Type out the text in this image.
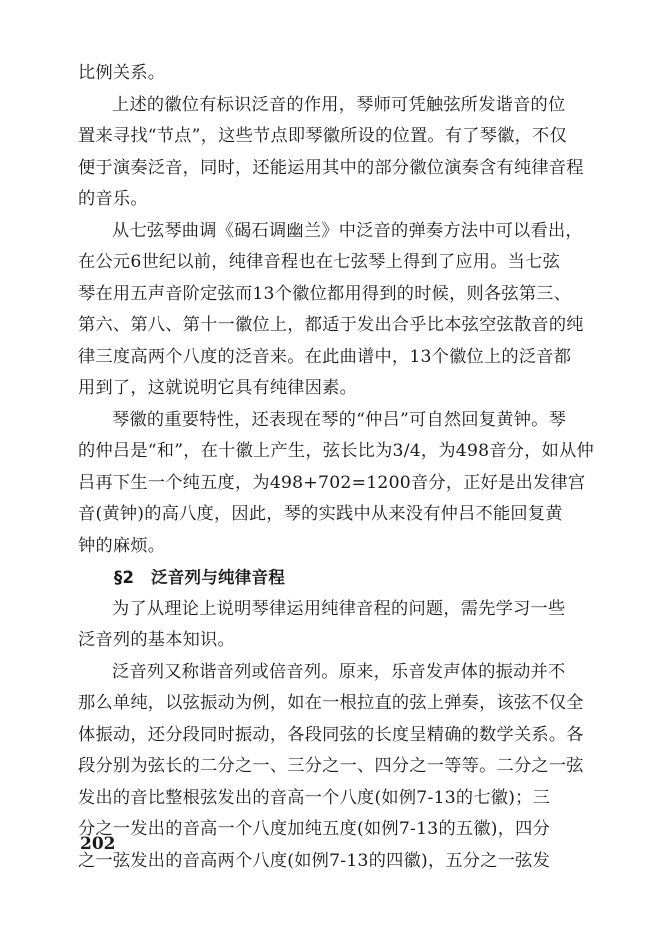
比例关系。
上述的徽位有标识泛音的作用，琴师可凭触弦所发谐音的位
置来寻找“节点”，这些节点即琴徽所设的位置。有了琴徽，不仅
便于演奏泛音，同时，还能运用其中的部分徽位演奏含有纯律音程
的音乐。
从七弦琴曲调《碣石调幽兰》中泛音的弹奏方法中可以看出，
在公元6世纪以前，纯律音程也在七弦琴上得到了应用。当七弦
琴在用五声音阶定弦而13个徽位都用得到的时候，则各弦第三、
第六、第八、第十一徽位上，都适于发出合乎比本弦空弦散音的纯
律三度高两个八度的泛音来。在此曲谱中，13个徽位上的泛音都
用到了，这就说明它具有纯律因素。
琴徽的重要特性，还表现在琴的“仲吕”可自然回复黄钟。琴
的仲吕是“和”，在十徽上产生，弦长比为3/4，为498音分，如从仲
吕再下生一个纯五度，为498+702=1200音分，正好是出发律宫
音(黄钟)的高八度，因此，琴的实践中从来没有仲吕不能回复黄
钟的麻烦。
§2　泛音列与纯律音程
为了从理论上说明琴律运用纯律音程的问题，需先学习一些
泛音列的基本知识。
泛音列又称谐音列或倍音列。原来，乐音发声体的振动并不
那么单纯，以弦振动为例，如在一根拉直的弦上弹奏，该弦不仅全
体振动，还分段同时振动，各段同弦的长度呈精确的数学关系。各
段分别为弦长的二分之一、三分之一、四分之一等等。二分之一弦
发出的音比整根弦发出的音高一个八度(如例7-13的七徽)；三
分之一发出的音高一个八度加纯五度(如例7-13的五徽)，四分
之一弦发出的音高两个八度(如例7-13的四徽)，五分之一弦发
202
